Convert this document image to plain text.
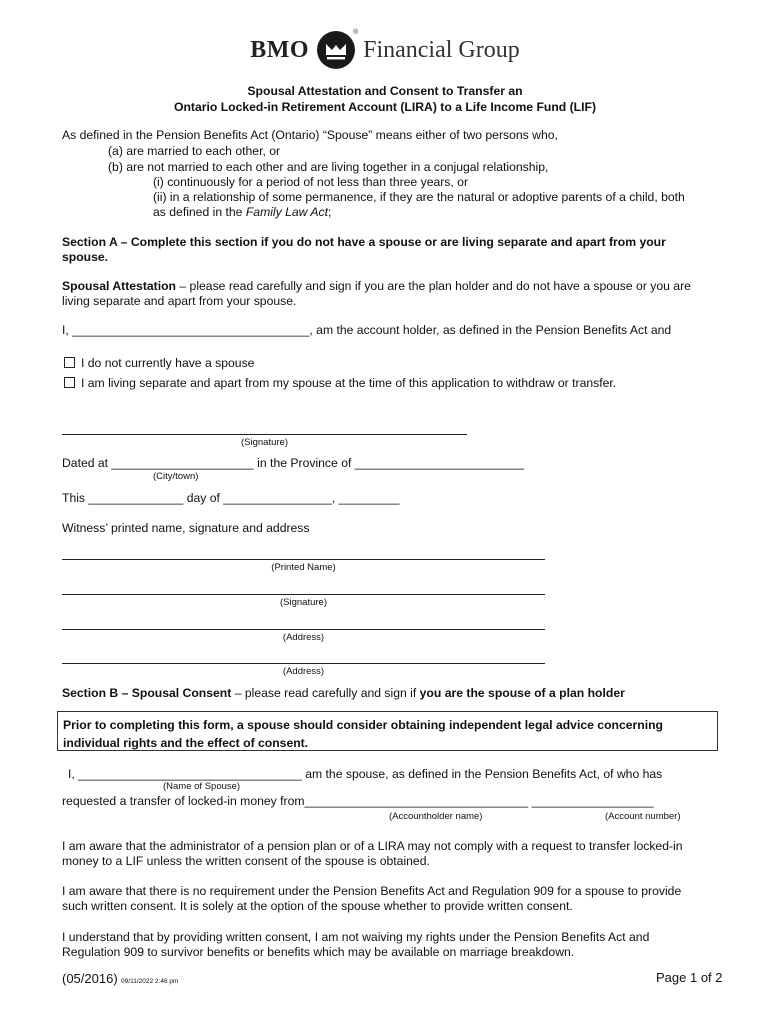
BMO
®
Financial Group
Spousal Attestation and Consent to Transfer an
Ontario Locked-in Retirement Account (LIRA) to a Life Income Fund (LIF)
As defined in the Pension Benefits Act (Ontario) “Spouse” means either of two persons who,
(a) are married to each other, or
(b) are not married to each other and are living together in a conjugal relationship,
(i) continuously for a period of not less than three years, or
(ii) in a relationship of some permanence, if they are the natural or adoptive parents of a child, both
as defined in the Family Law Act;
Section A – Complete this section if you do not have a spouse or are living separate and apart from your
spouse.
Spousal Attestation – please read carefully and sign if you are the plan holder and do not have a spouse or you are
living separate and apart from your spouse.
I, ___________________________________, am the account holder, as defined in the Pension Benefits Act and
I do not currently have a spouse
I am living separate and apart from my spouse at the time of this application to withdraw or transfer.
(Signature)
Dated at _____________________ in the Province of _________________________
(City/town)
This ______________ day of ________________, _________
Witness’ printed name, signature and address
(Printed Name)
(Signature)
(Address)
(Address)
Section B – Spousal Consent – please read carefully and sign if you are the spouse of a plan holder
Prior to completing this form, a spouse should consider obtaining independent legal advice concerning
individual rights and the effect of consent.
I, _________________________________ am the spouse, as defined in the Pension Benefits Act, of who has
(Name of Spouse)
requested a transfer of locked-in money from_________________________________ __________________
(Accountholder name)	(Account number)
I am aware that the administrator of a pension plan or of a LIRA may not comply with a request to transfer locked-in
money to a LIF unless the written consent of the spouse is obtained.
I am aware that there is no requirement under the Pension Benefits Act and Regulation 909 for a spouse to provide
such written consent. It is solely at the option of the spouse whether to provide written consent.
I understand that by providing written consent, I am not waiving my rights under the Pension Benefits Act and
Regulation 909 to survivor benefits or benefits which may be available on marriage breakdown.
(05/2016) 09/11/2022 2:46 pm	Page 1 of 2
